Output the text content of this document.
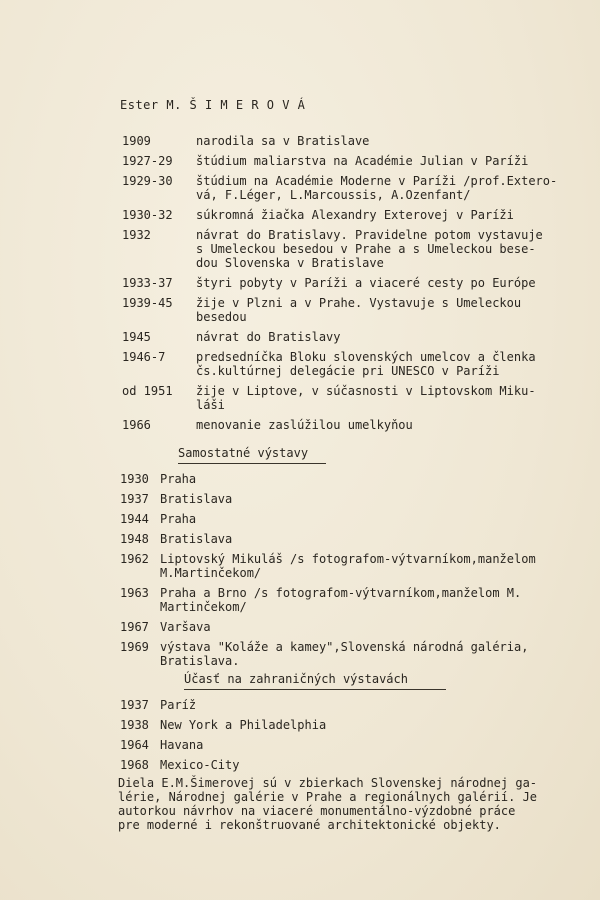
Ester M. Š I M E R O V Á
1909	narodila sa v Bratislave
1927-29	štúdium maliarstva na Académie Julian v Paríži
1929-30	štúdium na Académie Moderne v Paríži /prof.Extero-
vá, F.Léger, L.Marcoussis, A.Ozenfant/
1930-32	súkromná žiačka Alexandry Exterovej v Paríži
1932	návrat do Bratislavy. Pravidelne potom vystavuje
s Umeleckou besedou v Prahe a s Umeleckou bese-
dou Slovenska v Bratislave
1933-37	štyri pobyty v Paríži a viaceré cesty po Európe
1939-45	žije v Plzni a v Prahe. Vystavuje s Umeleckou
besedou
1945	návrat do Bratislavy
1946-7	predsedníčka Bloku slovenských umelcov a členka
čs.kultúrnej delegácie pri UNESCO v Paríži
od 1951	žije v Liptove, v súčasnosti v Liptovskom Miku-
láši
1966	menovanie zaslúžilou umelkyňou
Samostatné výstavy
1930 Praha
1937 Bratislava
1944 Praha
1948 Bratislava
1962 Liptovský Mikuláš /s fotografom-výtvarníkom,manželom
M.Martinčekom/
1963 Praha a Brno /s fotografom-výtvarníkom,manželom M.
Martinčekom/
1967 Varšava
1969 výstava "Koláže a kamey",Slovenská národná galéria,
Bratislava.
Účasť na zahraničných výstavách
1937 Paríž
1938 New York a Philadelphia
1964 Havana
1968 Mexico-City
Diela E.M.Šimerovej sú v zbierkach Slovenskej národnej ga-
lérie, Národnej galérie v Prahe a regionálnych galérií. Je
autorkou návrhov na viaceré monumentálno-výzdobné práce
pre moderné i rekonštruované architektonické objekty.
